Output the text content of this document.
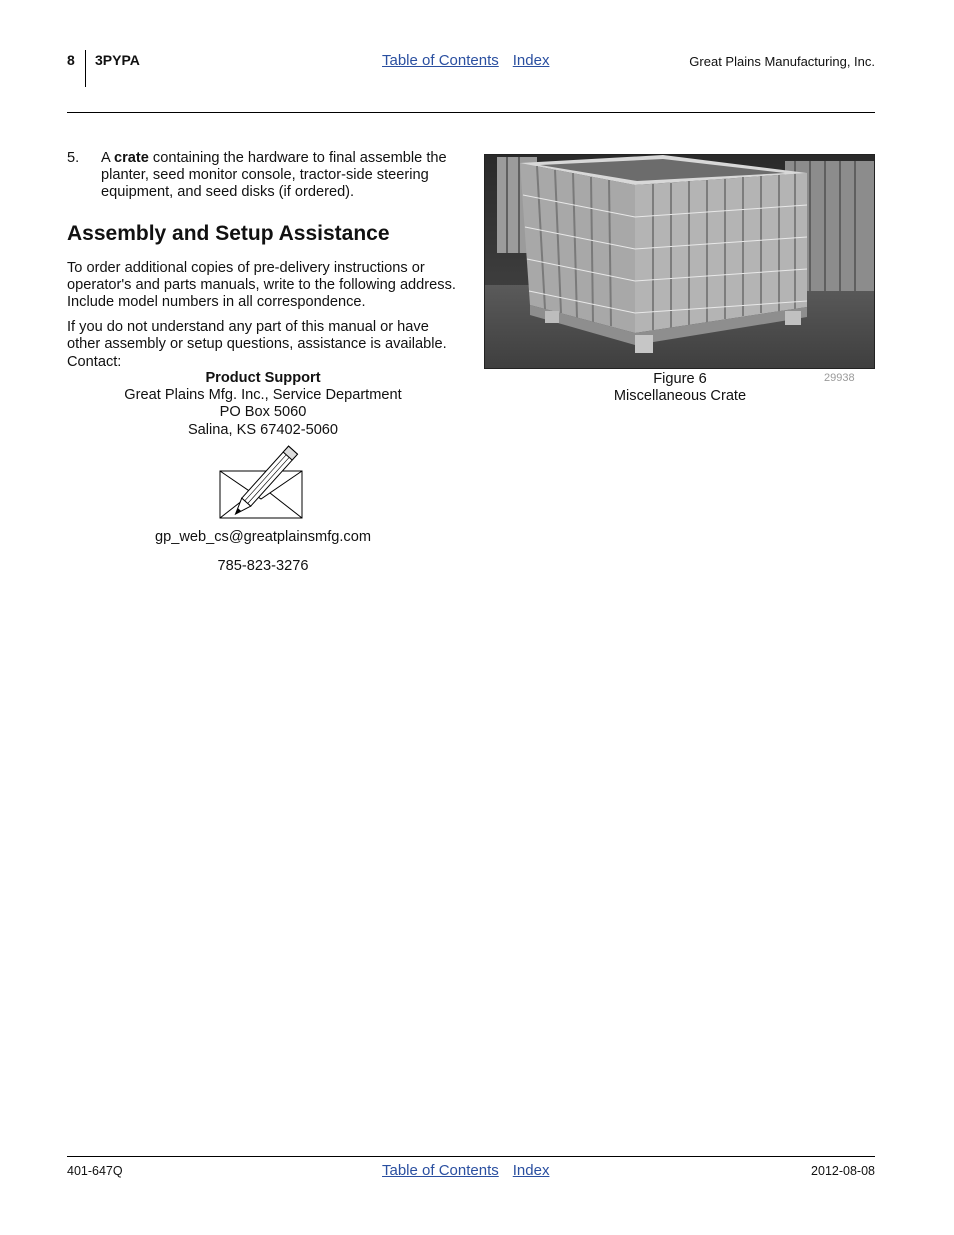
8 3PYPA	Table of Contents Index	Great Plains Manufacturing, Inc.
5.	A crate containing the hardware to final assemble the planter, seed monitor console, tractor-side steering equipment, and seed disks (if ordered).
Assembly and Setup Assistance

To order additional copies of pre-delivery instructions or operator's and parts manuals, write to the following address. Include model numbers in all correspondence.

If you do not understand any part of this manual or have other assembly or setup questions, assistance is available. Contact:

Product Support
Great Plains Mfg. Inc., Service Department
PO Box 5060
Salina, KS 67402-5060
gp_web_cs@greatplainsmfg.com
785-823-3276
Figure 6
Miscellaneous Crate
29938
401-647Q	Table of Contents Index	2012-08-08
